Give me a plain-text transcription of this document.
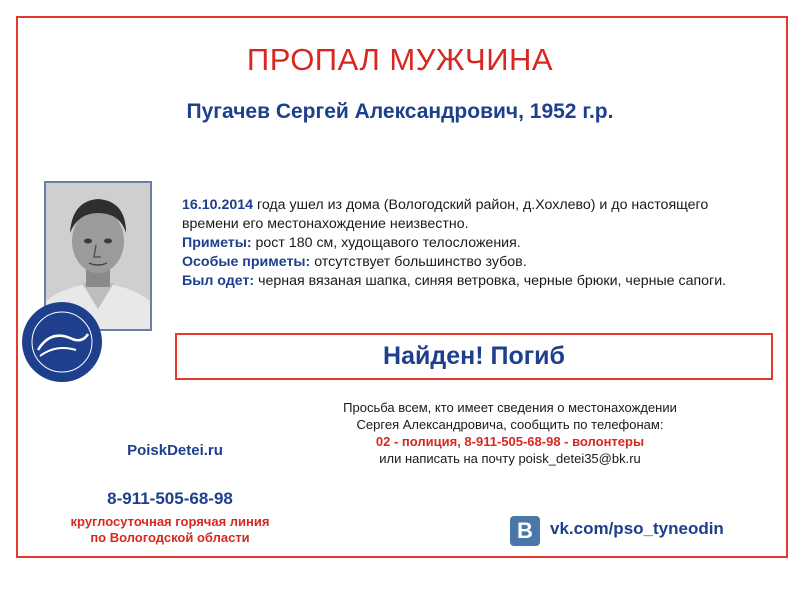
ПРОПАЛ МУЖЧИНА
Пугачев Сергей Александрович, 1952 г.р.
16.10.2014 года ушел из дома (Вологодский район, д.Хохлево) и до настоящего времени его местонахождение неизвестно.
Приметы: рост 180 см, худощавого телосложения.
Особые приметы: отсутствует большинство зубов.
Был одет: черная вязаная шапка, синяя ветровка, черные брюки, черные сапоги.
Найден! Погиб
Просьба всем, кто имеет сведения о местонахождении
Сергея Александровича, сообщить по телефонам:
02 - полиция, 8-911-505-68-98 - волонтеры
или написать на почту poisk_detei35@bk.ru
PoiskDetei.ru
8-911-505-68-98
круглосуточная горячая линия
по Вологодской области	B	vk.com/pso_tyneodin
